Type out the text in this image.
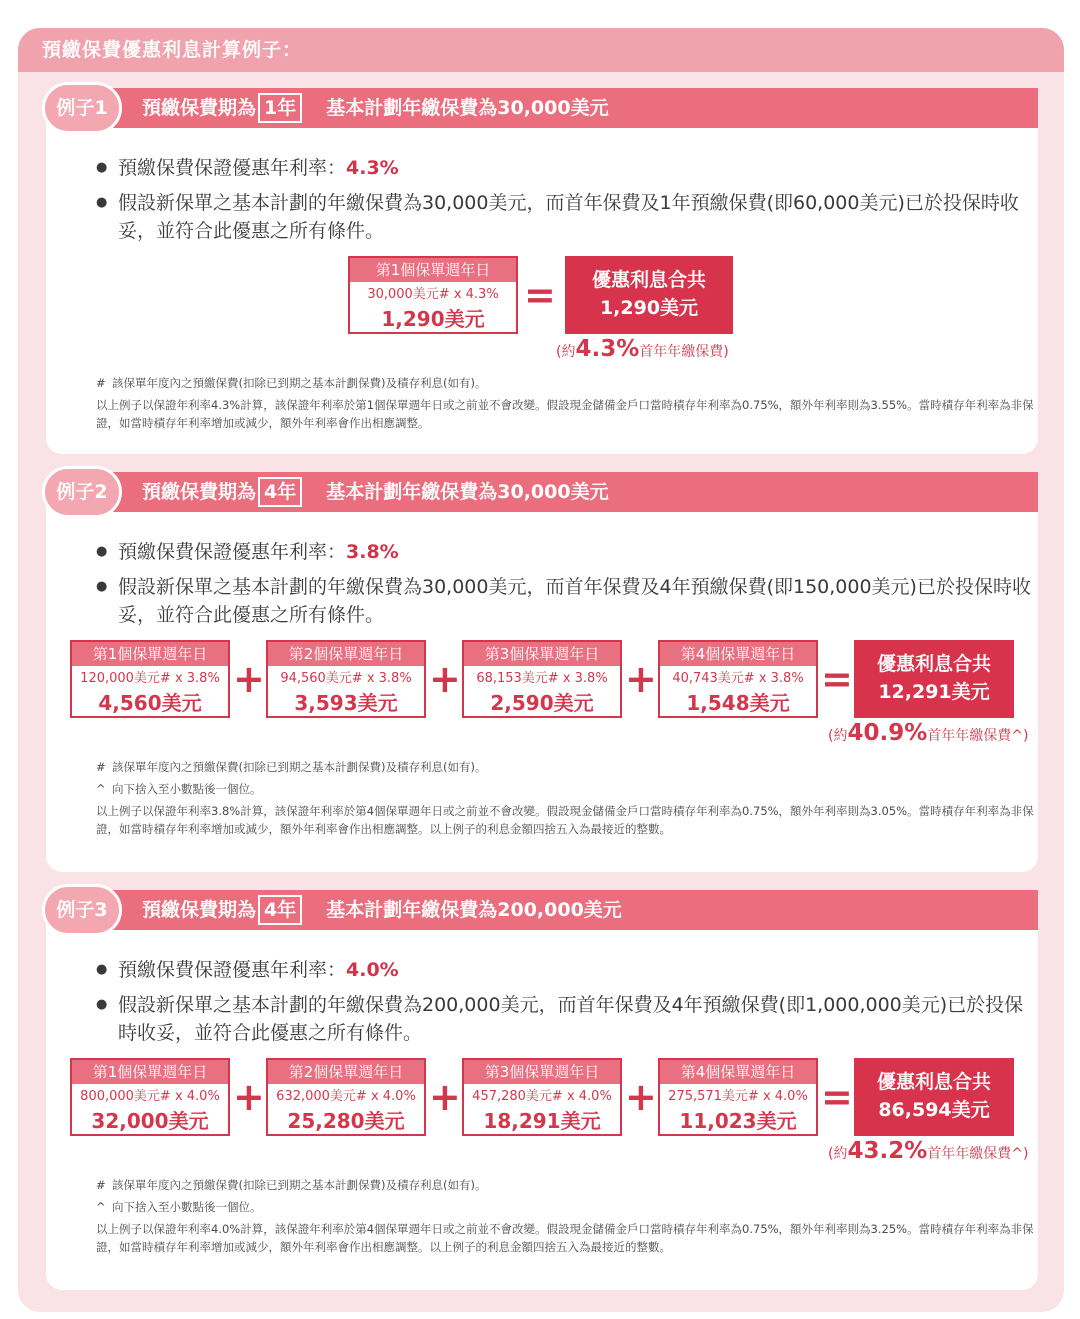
預繳保費優惠利息計算例子：
預繳保費期為 1年 基本計劃年繳保費為30,000美元
例子1
● 預繳保費保證優惠年利率：4.3%
● 假設新保單之基本計劃的年繳保費為30,000美元，而首年保費及1年預繳保費(即60,000美元)已於投保時收妥，並符合此優惠之所有條件。
第1個保單週年日
30,000美元# x 4.3%
1,290美元
=	優惠利息合共
1,290美元
(約4.3%首年年繳保費)

# 該保單年度內之預繳保費(扣除已到期之基本計劃保費)及積存利息(如有)。

以上例子以保證年利率4.3%計算，該保證年利率於第1個保單週年日或之前並不會改變。假設現金儲備金戶口當時積存年利率為0.75%，額外年利率則為3.55%。當時積存年利率為非保證，如當時積存年利率增加或減少，額外年利率會作出相應調整。

預繳保費期為 4年 基本計劃年繳保費為30,000美元
例子2
● 預繳保費保證優惠年利率：3.8%
● 假設新保單之基本計劃的年繳保費為30,000美元，而首年保費及4年預繳保費(即150,000美元)已於投保時收妥，並符合此優惠之所有條件。
第1個保單週年日
120,000美元# x 3.8%
4,560美元
+
第2個保單週年日
94,560美元# x 3.8%
3,593美元
+
第3個保單週年日
68,153美元# x 3.8%
2,590美元
+
第4個保單週年日
40,743美元# x 3.8%
1,548美元
=	優惠利息合共
12,291美元
(約40.9%首年年繳保費^)

# 該保單年度內之預繳保費(扣除已到期之基本計劃保費)及積存利息(如有)。

^ 向下捨入至小數點後一個位。

以上例子以保證年利率3.8%計算，該保證年利率於第4個保單週年日或之前並不會改變。假設現金儲備金戶口當時積存年利率為0.75%，額外年利率則為3.05%。當時積存年利率為非保證，如當時積存年利率增加或減少，額外年利率會作出相應調整。以上例子的利息金額四捨五入為最接近的整數。

預繳保費期為 4年 基本計劃年繳保費為200,000美元
例子3
● 預繳保費保證優惠年利率：4.0%
● 假設新保單之基本計劃的年繳保費為200,000美元，而首年保費及4年預繳保費(即1,000,000美元)已於投保時收妥，並符合此優惠之所有條件。
第1個保單週年日
800,000美元# x 4.0%
32,000美元
+
第2個保單週年日
632,000美元# x 4.0%
25,280美元
+
第3個保單週年日
457,280美元# x 4.0%
18,291美元
+
第4個保單週年日
275,571美元# x 4.0%
11,023美元
=	優惠利息合共
86,594美元
(約43.2%首年年繳保費^)

# 該保單年度內之預繳保費(扣除已到期之基本計劃保費)及積存利息(如有)。

^ 向下捨入至小數點後一個位。

以上例子以保證年利率4.0%計算，該保證年利率於第4個保單週年日或之前並不會改變。假設現金儲備金戶口當時積存年利率為0.75%，額外年利率則為3.25%。當時積存年利率為非保證，如當時積存年利率增加或減少，額外年利率會作出相應調整。以上例子的利息金額四捨五入為最接近的整數。
